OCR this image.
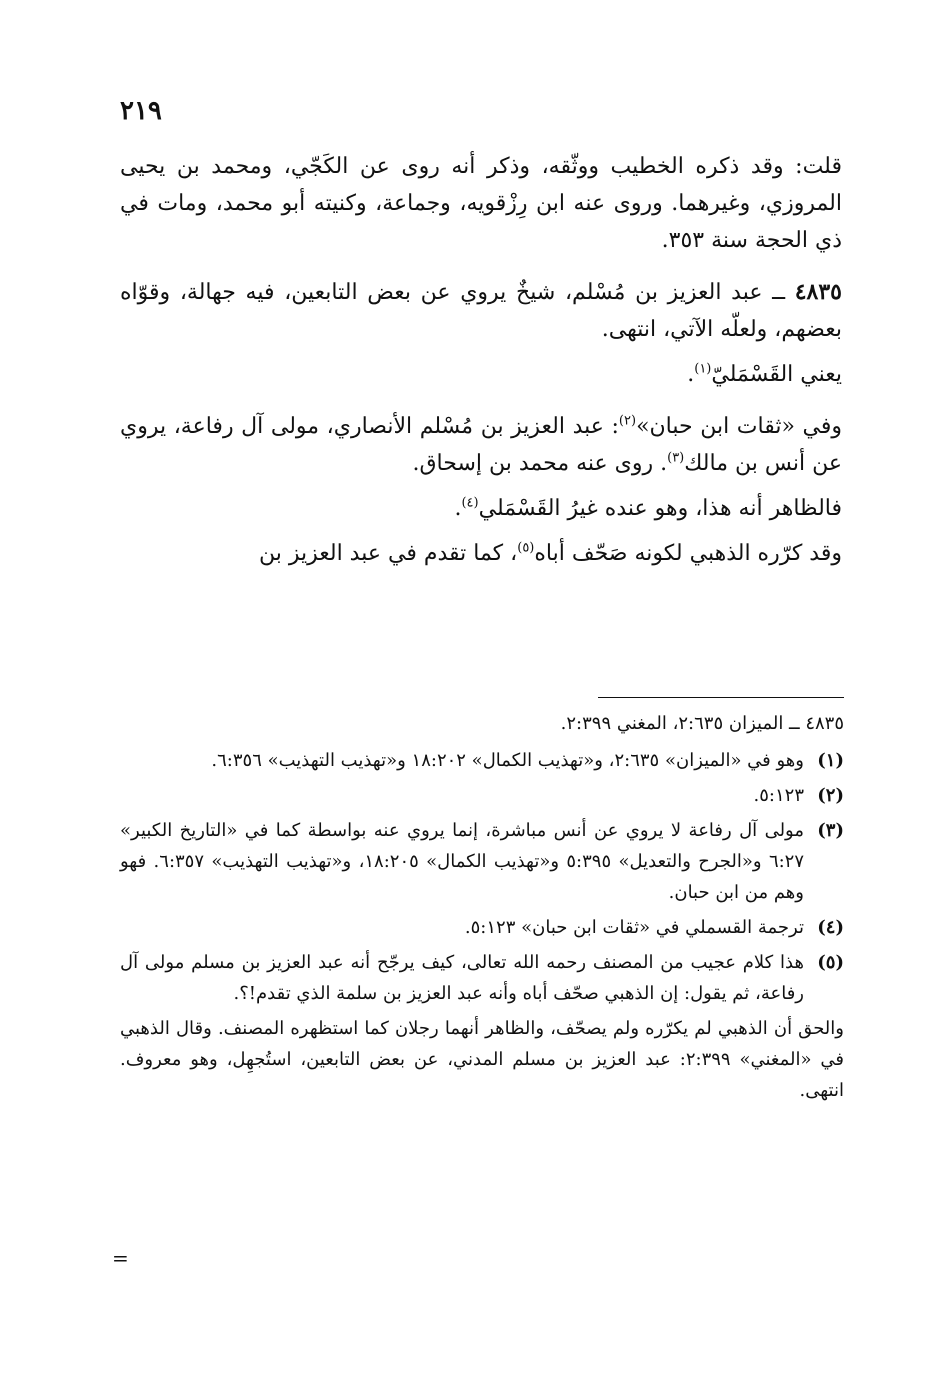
٢١٩

قلت: وقد ذكره الخطيب ووثّقه، وذكر أنه روى عن الكَجّي، ومحمد بن يحيى المروزي، وغيرهما. وروى عنه ابن رِزْقويه، وجماعة، وكنيته أبو محمد، ومات في ذي الحجة سنة ٣٥٣.

٤٨٣٥ ــ عبد العزيز بن مُسْلم، شيخٌ يروي عن بعض التابعين، فيه جهالة، وقوّاه بعضهم، ولعلّه الآتي، انتهى.

يعني القَسْمَليّ$^{(١)}$.

وفي «ثقات ابن حبان»$^{(٢)}$: عبد العزيز بن مُسْلم الأنصاري، مولى آل رفاعة، يروي عن أنس بن مالك$^{(٣)}$. روى عنه محمد بن إسحاق.

فالظاهر أنه هذا، وهو عنده غيرُ القَسْمَلي$^{(٤)}$.

وقد كرّره الذهبي لكونه صَحّف أباه$^{(٥)}$، كما تقدم في عبد العزيز بن

٤٨٣٥ ــ الميزان ٢:٦٣٥، المغني ٢:٣٩٩.
(١)
وهو في «الميزان» ٢:٦٣٥، و«تهذيب الكمال» ١٨:٢٠٢ و«تهذيب التهذيب» ٦:٣٥٦.
(٢)
٥:١٢٣.
(٣)
مولى آل رفاعة لا يروي عن أنس مباشرة، إنما يروي عنه بواسطة كما في «التاريخ الكبير» ٦:٢٧ و«الجرح والتعديل» ٥:٣٩٥ و«تهذيب الكمال» ١٨:٢٠٥، و«تهذيب التهذيب» ٦:٣٥٧. فهو وهم من ابن حبان.
(٤)
ترجمة القسملي في «ثقات ابن حبان» ٥:١٢٣.
(٥)
هذا كلام عجيب من المصنف رحمه الله تعالى، كيف يرجّح أنه عبد العزيز بن مسلم مولى آل رفاعة، ثم يقول: إن الذهبي صحّف أباه وأنه عبد العزيز بن سلمة الذي تقدم!؟.
والحق أن الذهبي لم يكرّره ولم يصحّف، والظاهر أنهما رجلان كما استظهره المصنف. وقال الذهبي في «المغني» ٢:٣٩٩: عبد العزيز بن مسلم المدني، عن بعض التابعين، استُجهِل، وهو معروف. انتهى.
=
